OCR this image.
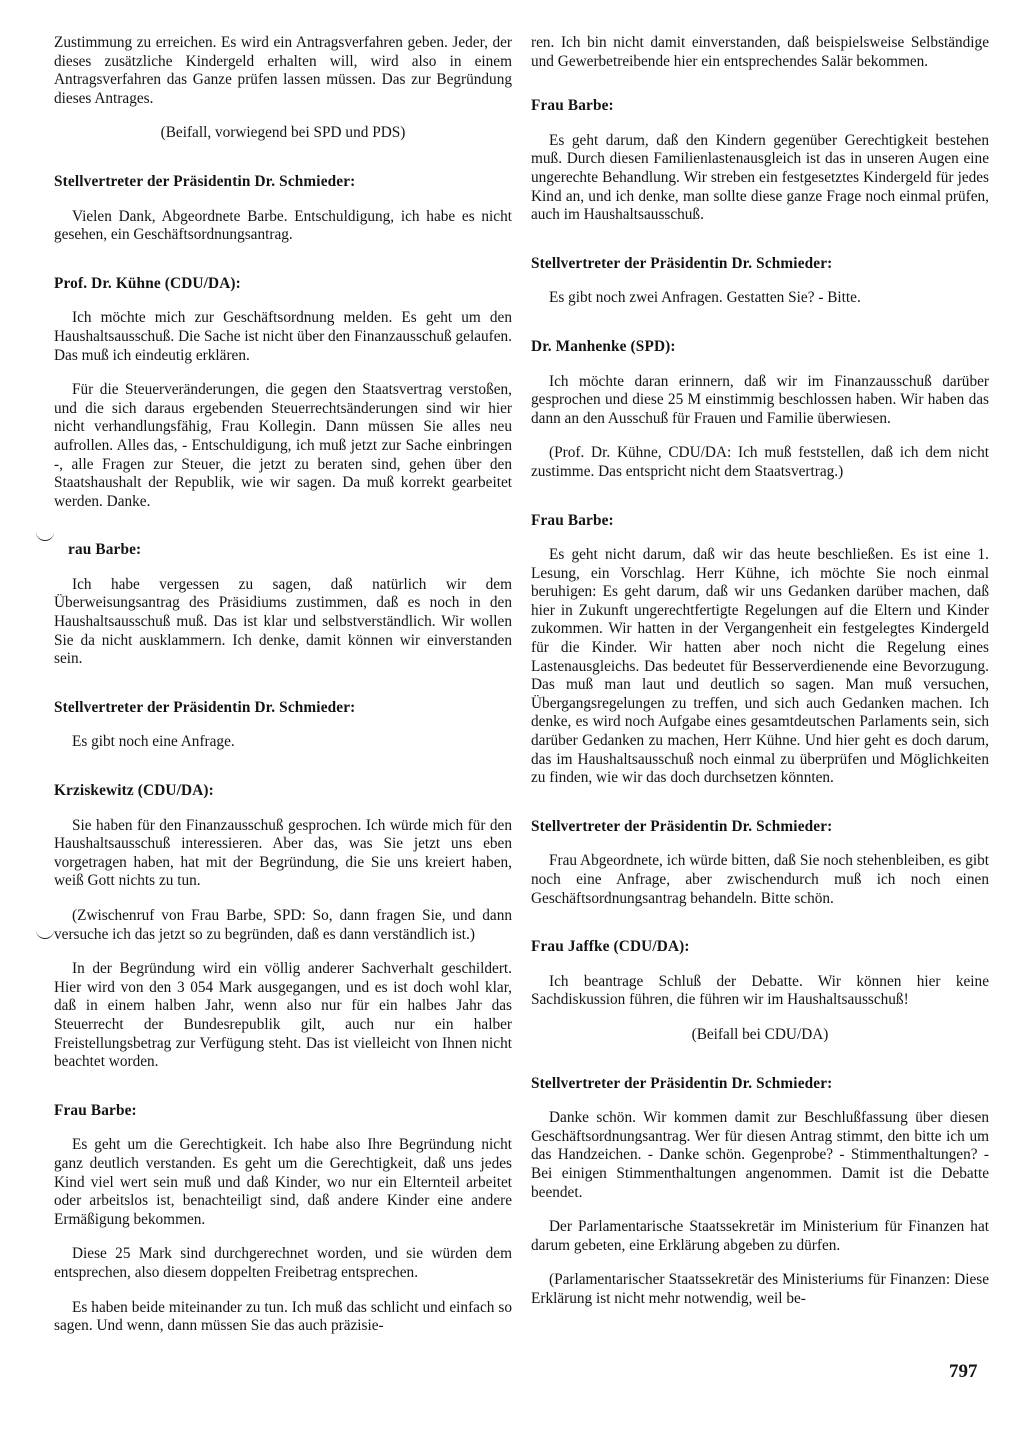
Zustimmung zu erreichen. Es wird ein Antragsverfahren geben. Jeder, der dieses zusätzliche Kindergeld erhalten will, wird also in einem Antragsverfahren das Ganze prüfen lassen müssen. Das zur Begründung dieses Antrages.

(Beifall, vorwiegend bei SPD und PDS)

Stellvertreter der Präsidentin Dr. Schmieder:

Vielen Dank, Abgeordnete Barbe. Entschuldigung, ich habe es nicht gesehen, ein Geschäftsordnungsantrag.

Prof. Dr. Kühne (CDU/DA):

Ich möchte mich zur Geschäftsordnung melden. Es geht um den Haushaltsausschuß. Die Sache ist nicht über den Finanzausschuß gelaufen. Das muß ich eindeutig erklären.

Für die Steuerveränderungen, die gegen den Staatsvertrag verstoßen, und die sich daraus ergebenden Steuerrechtsänderungen sind wir hier nicht verhandlungsfähig, Frau Kollegin. Dann müssen Sie alles neu aufrollen. Alles das, - Entschuldigung, ich muß jetzt zur Sache einbringen -, alle Fragen zur Steuer, die jetzt zu beraten sind, gehen über den Staatshaushalt der Republik, wie wir sagen. Da muß korrekt gearbeitet werden. Danke.

rau Barbe:

Ich habe vergessen zu sagen, daß natürlich wir dem Überweisungsantrag des Präsidiums zustimmen, daß es noch in den Haushaltsausschuß muß. Das ist klar und selbstverständlich. Wir wollen Sie da nicht ausklammern. Ich denke, damit können wir einverstanden sein.

Stellvertreter der Präsidentin Dr. Schmieder:

Es gibt noch eine Anfrage.

Krziskewitz (CDU/DA):

Sie haben für den Finanzausschuß gesprochen. Ich würde mich für den Haushaltsausschuß interessieren. Aber das, was Sie jetzt uns eben vorgetragen haben, hat mit der Begründung, die Sie uns kreiert haben, weiß Gott nichts zu tun.

(Zwischenruf von Frau Barbe, SPD: So, dann fragen Sie, und dann versuche ich das jetzt so zu begründen, daß es dann verständlich ist.)

In der Begründung wird ein völlig anderer Sachverhalt geschildert. Hier wird von den 3 054 Mark ausgegangen, und es ist doch wohl klar, daß in einem halben Jahr, wenn also nur für ein halbes Jahr das Steuerrecht der Bundesrepublik gilt, auch nur ein halber Freistellungsbetrag zur Verfügung steht. Das ist vielleicht von Ihnen nicht beachtet worden.

Frau Barbe:

Es geht um die Gerechtigkeit. Ich habe also Ihre Begründung nicht ganz deutlich verstanden. Es geht um die Gerechtigkeit, daß uns jedes Kind viel wert sein muß und daß Kinder, wo nur ein Elternteil arbeitet oder arbeitslos ist, benachteiligt sind, daß andere Kinder eine andere Ermäßigung bekommen.

Diese 25 Mark sind durchgerechnet worden, und sie würden dem entsprechen, also diesem doppelten Freibetrag entsprechen.

Es haben beide miteinander zu tun. Ich muß das schlicht und einfach so sagen. Und wenn, dann müssen Sie das auch präzisie-

ren. Ich bin nicht damit einverstanden, daß beispielsweise Selbständige und Gewerbetreibende hier ein entsprechendes Salär bekommen.

Frau Barbe:

Es geht darum, daß den Kindern gegenüber Gerechtigkeit bestehen muß. Durch diesen Familienlastenausgleich ist das in unseren Augen eine ungerechte Behandlung. Wir streben ein festgesetztes Kindergeld für jedes Kind an, und ich denke, man sollte diese ganze Frage noch einmal prüfen, auch im Haushaltsausschuß.

Stellvertreter der Präsidentin Dr. Schmieder:

Es gibt noch zwei Anfragen. Gestatten Sie? - Bitte.

Dr. Manhenke (SPD):

Ich möchte daran erinnern, daß wir im Finanzausschuß darüber gesprochen und diese 25 M einstimmig beschlossen haben. Wir haben das dann an den Ausschuß für Frauen und Familie überwiesen.

(Prof. Dr. Kühne, CDU/DA: Ich muß feststellen, daß ich dem nicht zustimme. Das entspricht nicht dem Staatsvertrag.)

Frau Barbe:

Es geht nicht darum, daß wir das heute beschließen. Es ist eine 1. Lesung, ein Vorschlag. Herr Kühne, ich möchte Sie noch einmal beruhigen: Es geht darum, daß wir uns Gedanken darüber machen, daß hier in Zukunft ungerechtfertigte Regelungen auf die Eltern und Kinder zukommen. Wir hatten in der Vergangenheit ein festgelegtes Kindergeld für die Kinder. Wir hatten aber noch nicht die Regelung eines Lastenausgleichs. Das bedeutet für Besserverdienende eine Bevorzugung. Das muß man laut und deutlich so sagen. Man muß versuchen, Übergangsregelungen zu treffen, und sich auch Gedanken machen. Ich denke, es wird noch Aufgabe eines gesamtdeutschen Parlaments sein, sich darüber Gedanken zu machen, Herr Kühne. Und hier geht es doch darum, das im Haushaltsausschuß noch einmal zu überprüfen und Möglichkeiten zu finden, wie wir das doch durchsetzen könnten.

Stellvertreter der Präsidentin Dr. Schmieder:

Frau Abgeordnete, ich würde bitten, daß Sie noch stehenbleiben, es gibt noch eine Anfrage, aber zwischendurch muß ich noch einen Geschäftsordnungsantrag behandeln. Bitte schön.

Frau Jaffke (CDU/DA):

Ich beantrage Schluß der Debatte. Wir können hier keine Sachdiskussion führen, die führen wir im Haushaltsausschuß!

(Beifall bei CDU/DA)

Stellvertreter der Präsidentin Dr. Schmieder:

Danke schön. Wir kommen damit zur Beschlußfassung über diesen Geschäftsordnungsantrag. Wer für diesen Antrag stimmt, den bitte ich um das Handzeichen. - Danke schön. Gegenprobe? - Stimmenthaltungen? - Bei einigen Stimmenthaltungen angenommen. Damit ist die Debatte beendet.

Der Parlamentarische Staatssekretär im Ministerium für Finanzen hat darum gebeten, eine Erklärung abgeben zu dürfen.

(Parlamentarischer Staatssekretär des Ministeriums für Finanzen: Diese Erklärung ist nicht mehr notwendig, weil be-

797
